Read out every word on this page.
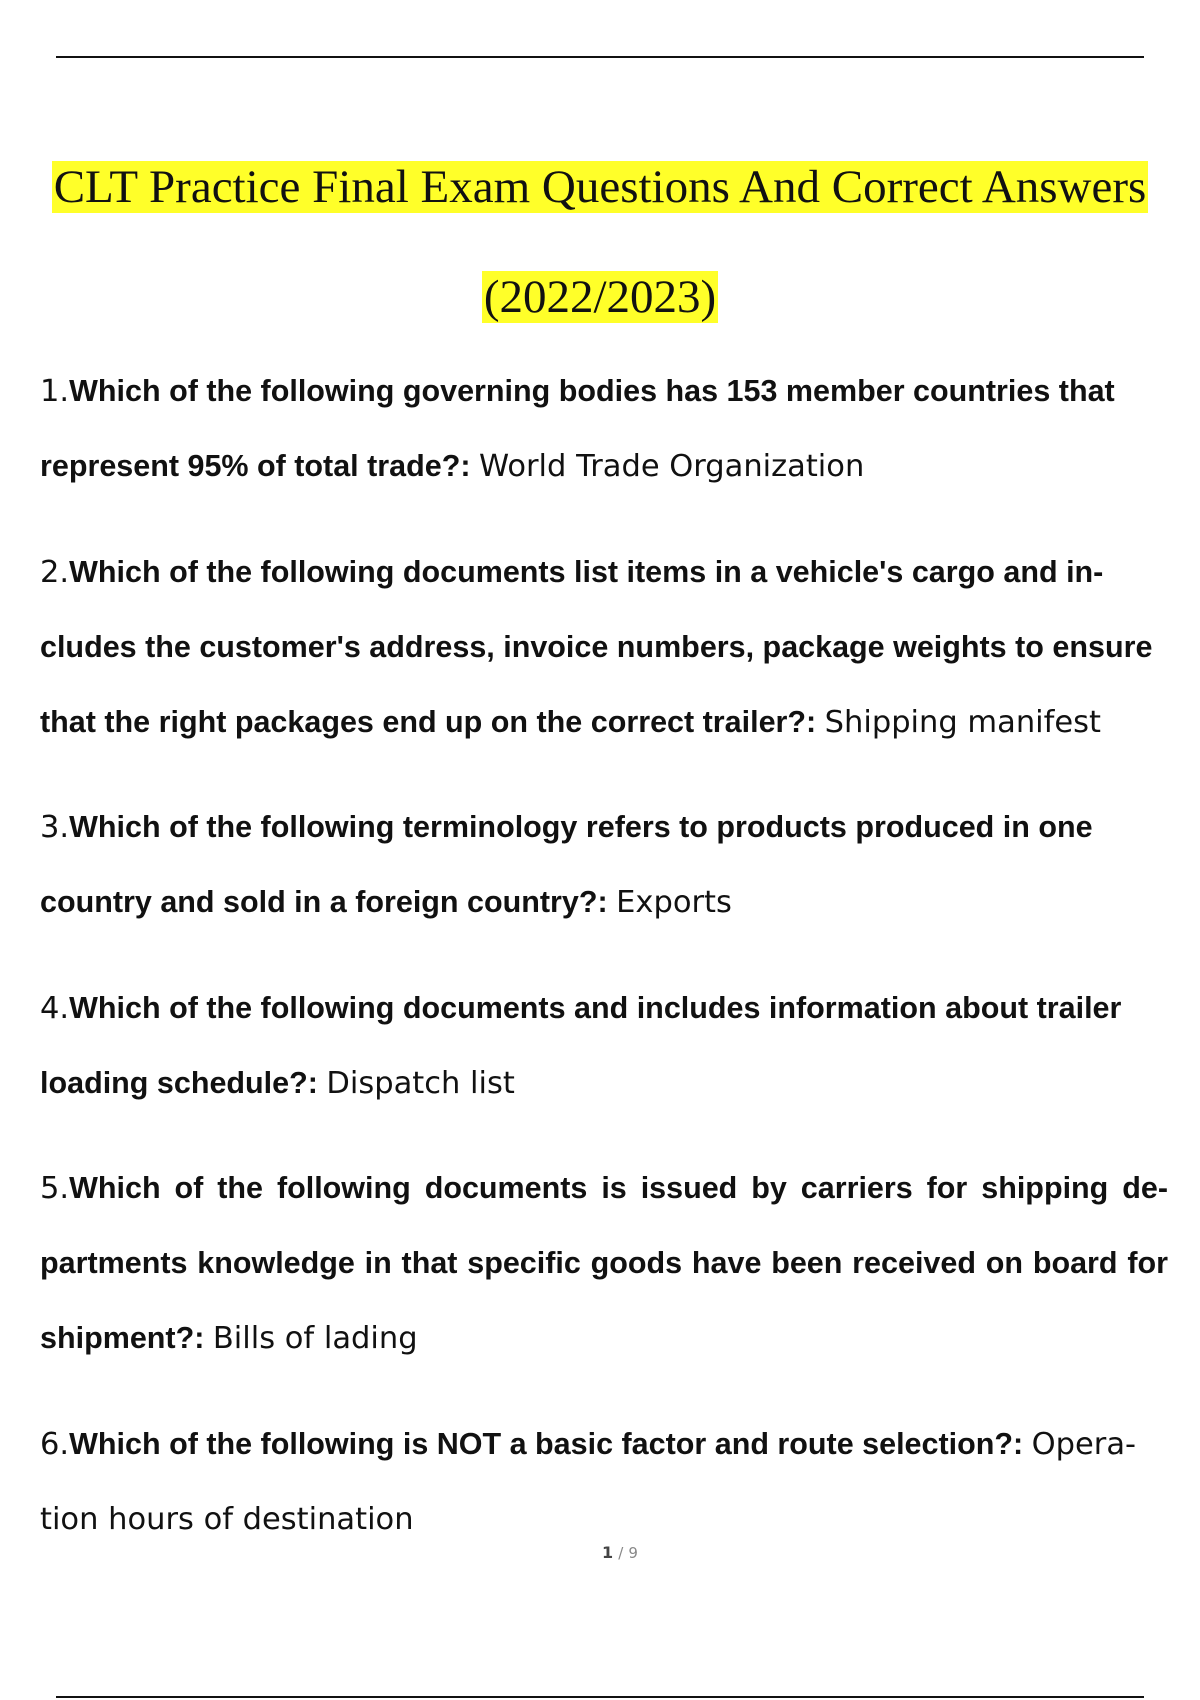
CLT Practice Final Exam Questions And Correct Answers
(2022/2023)

1.Which of the following governing bodies has 153 member countries that represent 95% of total trade?: World Trade Organization

2.Which of the following documents list items in a vehicle's cargo and in- cludes the customer's address, invoice numbers, package weights to ensure that the right packages end up on the correct trailer?: Shipping manifest

3.Which of the following terminology refers to products produced in one country and sold in a foreign country?: Exports

4.Which of the following documents and includes information about trailer loading schedule?: Dispatch list

5.Which of the following documents is issued by carriers for shipping de- partments knowledge in that specific goods have been received on board for shipment?: Bills of lading

6.Which of the following is NOT a basic factor and route selection?: Opera- tion hours of destination

1 / 9
